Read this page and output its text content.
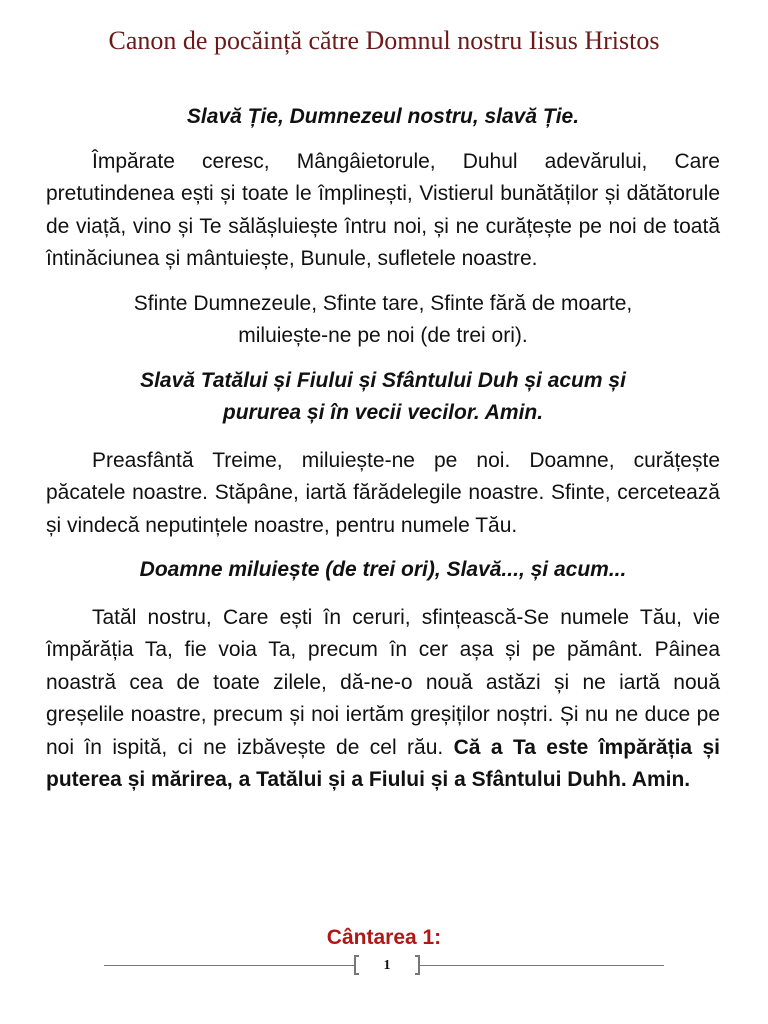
Canon de pocăință către Domnul nostru Iisus Hristos

Slavă Ție, Dumnezeul nostru, slavă Ție.

Împărate ceresc, Mângâietorule, Duhul adevărului, Care pretutindenea ești și toate le împlinești, Vistierul bunătăților și dătătorule de viață, vino și Te sălășluiește întru noi, și ne curățește pe noi de toată întinăciunea și mântuiește, Bunule, sufletele noastre.

Sfinte Dumnezeule, Sfinte tare, Sfinte fără de moarte,
miluiește-ne pe noi (de trei ori).

Slavă Tatălui și Fiului și Sfântului Duh și acum și
pururea și în vecii vecilor. Amin.

Preasfântă Treime, miluiește-ne pe noi. Doamne, curățește păcatele noastre. Stăpâne, iartă fărădelegile noastre. Sfinte, cercetează și vindecă neputințele noastre, pentru numele Tău.

Doamne miluiește (de trei ori), Slavă..., și acum...

Tatăl nostru, Care ești în ceruri, sfințească-Se numele Tău, vie împărăția Ta, fie voia Ta, precum în cer așa și pe pământ. Pâinea noastră cea de toate zilele, dă-ne-o nouă astăzi și ne iartă nouă greșelile noastre, precum și noi iertăm greșiților noștri. Și nu ne duce pe noi în ispită, ci ne izbăvește de cel rău. Că a Ta este împărăția și puterea și mărirea, a Tatălui și a Fiului și a Sfântului Duhh. Amin.

Cântarea 1:
1
